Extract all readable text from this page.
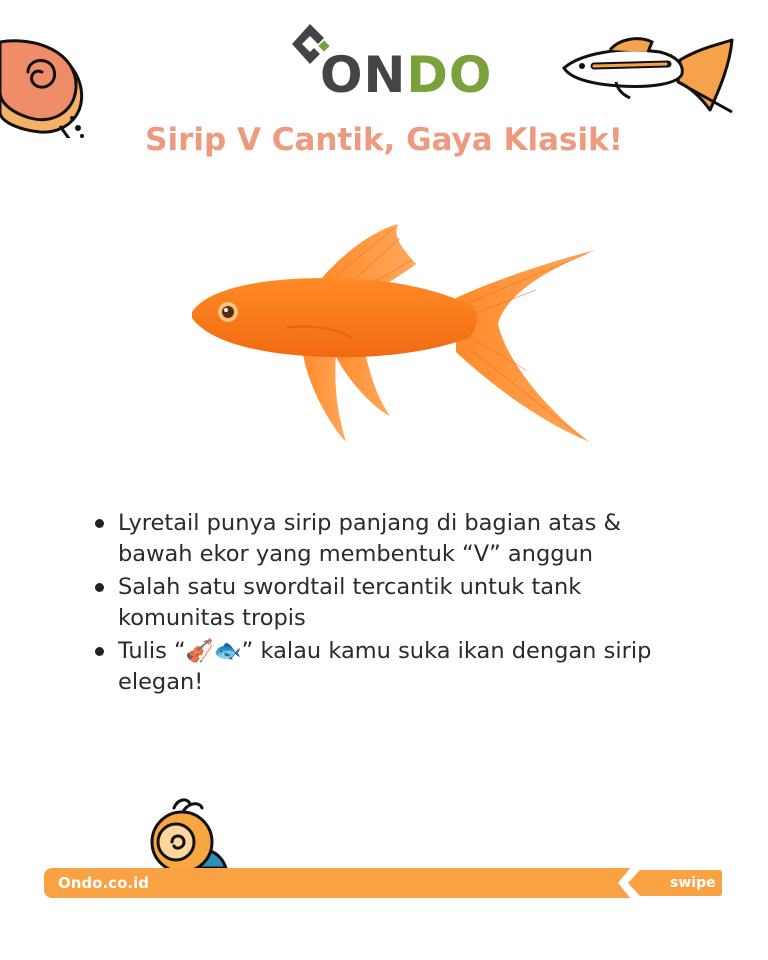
ONDO
Sirip V Cantik, Gaya Klasik!
Lyretail punya sirip panjang di bagian atas & bawah ekor yang membentuk “V” anggun
Salah satu swordtail tercantik untuk tank komunitas tropis
Tulis “🎻🐟” kalau kamu suka ikan dengan sirip elegan!
Ondo.co.id	swipe
